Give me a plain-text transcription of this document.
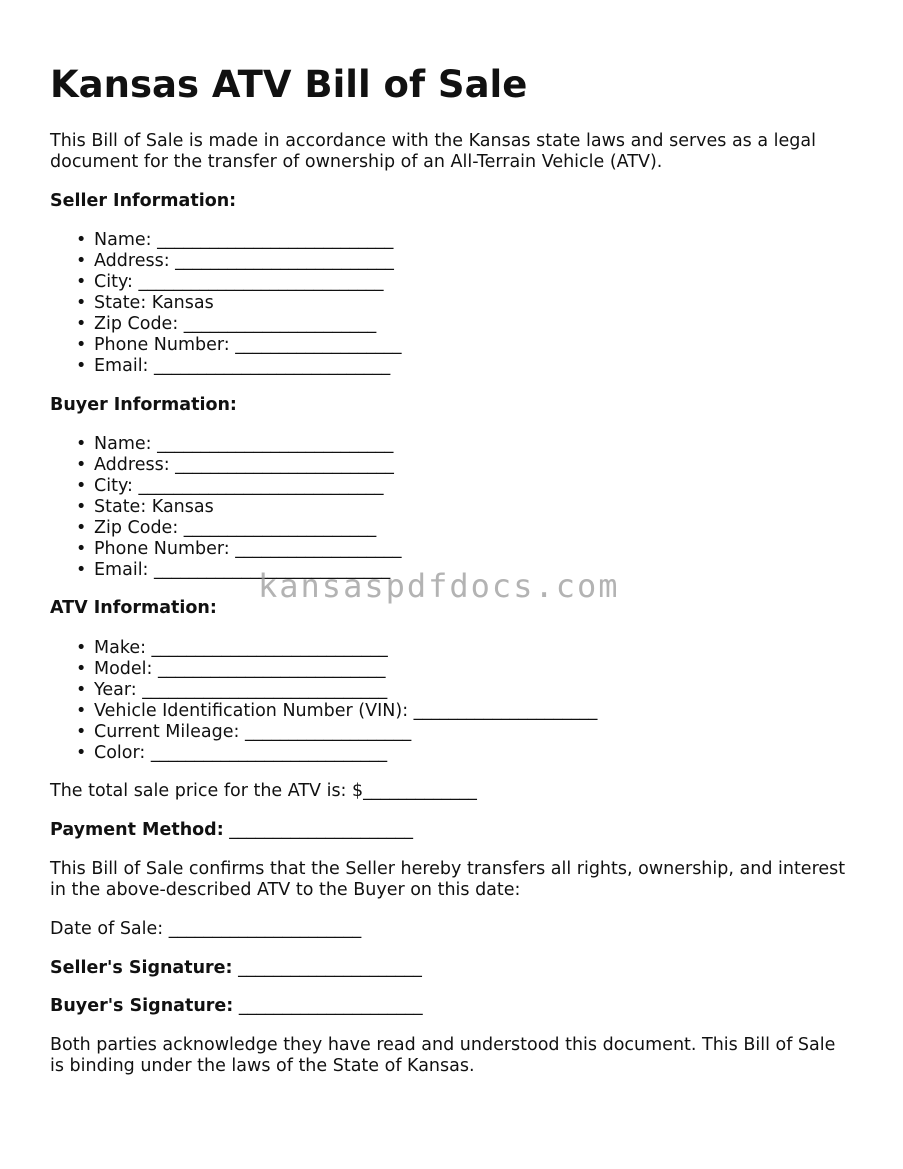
Kansas ATV Bill of Sale
This Bill of Sale is made in accordance with the Kansas state laws and serves as a legal
document for the transfer of ownership of an All-Terrain Vehicle (ATV).
Seller Information:
• Name: ___________________________
• Address: _________________________
• City: ____________________________
• State: Kansas
• Zip Code: ______________________
• Phone Number: ___________________
• Email: ___________________________
Buyer Information:
• Name: ___________________________
• Address: _________________________
• City: ____________________________
• State: Kansas
• Zip Code: ______________________
• Phone Number: ___________________
• Email: ___________________________
ATV Information:
• Make: ___________________________
• Model: __________________________
• Year: ____________________________
• Vehicle Identification Number (VIN): _____________________
• Current Mileage: ___________________
• Color: ___________________________
The total sale price for the ATV is: $_____________
Payment Method: _____________________
This Bill of Sale confirms that the Seller hereby transfers all rights, ownership, and interest
in the above-described ATV to the Buyer on this date:
Date of Sale: ______________________
Seller's Signature: _____________________
Buyer's Signature: _____________________
Both parties acknowledge they have read and understood this document. This Bill of Sale
is binding under the laws of the State of Kansas.
kansaspdfdocs.com
